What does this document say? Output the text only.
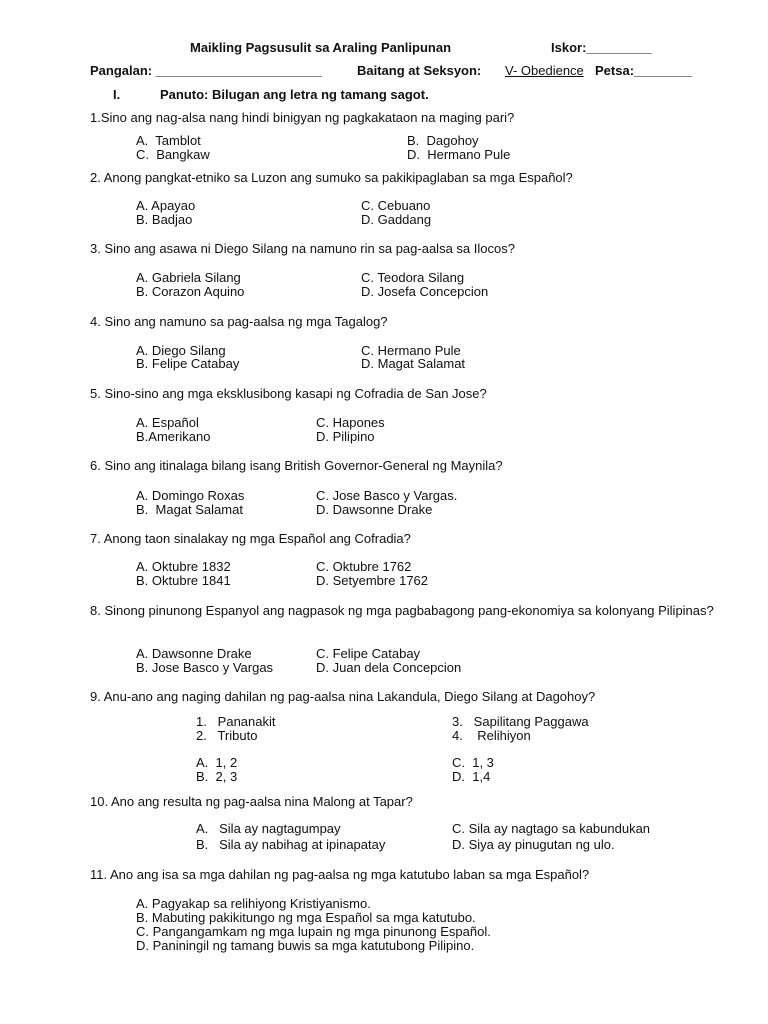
Maikling Pagsusulit sa Araling Panlipunan	Iskor:_________
Pangalan: _______________________	Baitang at Seksyon: V- Obedience Petsa:________
I.	Panuto: Bilugan ang letra ng tamang sagot.
1.Sino ang nag-alsa nang hindi binigyan ng pagkakataon na maging pari?
A.  Tamblot	B.  Dagohoy
C.  Bangkaw	D.  Hermano Pule
2. Anong pangkat-etniko sa Luzon ang sumuko sa pakikipaglaban sa mga Español?
A. Apayao	C. Cebuano
B. Badjao	D. Gaddang
3. Sino ang asawa ni Diego Silang na namuno rin sa pag-aalsa sa Ilocos?
A. Gabriela Silang	C. Teodora Silang
B. Corazon Aquino	D. Josefa Concepcion
4. Sino ang namuno sa pag-aalsa ng mga Tagalog?
A. Diego Silang	C. Hermano Pule
B. Felipe Catabay	D. Magat Salamat
5. Sino-sino ang mga eksklusibong kasapi ng Cofradia de San Jose?
A. Español	C. Hapones
B.Amerikano	D. Pilipino
6. Sino ang itinalaga bilang isang British Governor-General ng Maynila?
A. Domingo Roxas	C. Jose Basco y Vargas.
B.  Magat Salamat	D. Dawsonne Drake
7. Anong taon sinalakay ng mga Español ang Cofradia?
A. Oktubre 1832	C. Oktubre 1762
B. Oktubre 1841	D. Setyembre 1762
8. Sinong pinunong Espanyol ang nagpasok ng mga pagbabagong pang-ekonomiya sa kolonyang Pilipinas?
A. Dawsonne Drake	C. Felipe Catabay
B. Jose Basco y Vargas	D. Juan dela Concepcion
9. Anu-ano ang naging dahilan ng pag-aalsa nina Lakandula, Diego Silang at Dagohoy?
1.   Pananakit	3.   Sapilitang Paggawa
2.   Tributo	4.    Relihiyon
A.  1, 2	C.  1, 3
B.  2, 3	D.  1,4
10. Ano ang resulta ng pag-aalsa nina Malong at Tapar?
A.   Sila ay nagtagumpay	C. Sila ay nagtago sa kabundukan
B.   Sila ay nabihag at ipinapatay	D. Siya ay pinugutan ng ulo.
11. Ano ang isa sa mga dahilan ng pag-aalsa ng mga katutubo laban sa mga Español?
A. Pagyakap sa relihiyong Kristiyanismo.
B. Mabuting pakikitungo ng mga Español sa mga katutubo.
C. Pangangamkam ng mga lupain ng mga pinunong Español.
D. Paniningil ng tamang buwis sa mga katutubong Pilipino.
